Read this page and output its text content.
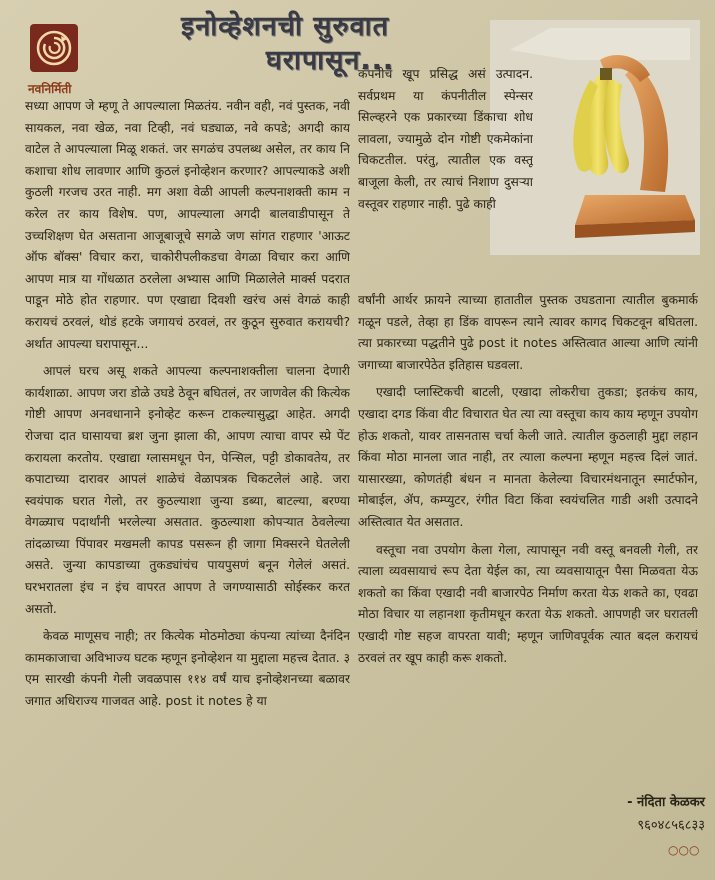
नवनिर्मिती
इनोव्हेशनची सुरुवात
घरापासून...

सध्या आपण जे म्हणू ते आपल्याला मिळतंय. नवीन वही, नवं पुस्तक, नवी सायकल, नवा खेळ, नवा टिव्ही, नवं घड्याळ, नवे कपडे; अगदी काय वाटेल ते आपल्याला मिळू शकतं. जर सगळंच उपलब्ध असेल, तर काय नि कशाचा शोध लावणार आणि कुठलं इनोव्हेशन करणार? आपल्याकडे अशी कुठली गरजच उरत नाही. मग अशा वेळी आपली कल्पनाशक्ती काम न करेल तर काय विशेष. पण, आपल्याला अगदी बालवाडीपासून ते उच्चशिक्षण घेत असताना आजूबाजूचे सगळे जण सांगत राहणार 'आऊट ऑफ बॉक्स' विचार करा, चाकोरीपलीकडचा वेगळा विचार करा आणि आपण मात्र या गोंधळात ठरलेला अभ्यास आणि मिळालेले मार्क्स पदरात पाडून मोठे होत राहणार. पण एखाद्या दिवशी खरंच असं वेगळं काही करायचं ठरवलं, थोडं हटके जगायचं ठरवलं, तर कुठून सुरुवात करायची? अर्थात आपल्या घरापासून...

आपलं घरच असू शकते आपल्या कल्पनाशक्तीला चालना देणारी कार्यशाळा. आपण जरा डोळे उघडे ठेवून बघितलं, तर जाणवेल की कित्येक गोष्टी आपण अनवधानाने इनोव्हेट करून टाकल्यासुद्धा आहेत. अगदी रोजचा दात घासायचा ब्रश जुना झाला की, आपण त्याचा वापर स्प्रे पेंट करायला करतोय. एखाद्या ग्लासमधून पेन, पेन्सिल, पट्टी डोकावतेय, तर कपाटाच्या दारावर आपलं शाळेचं वेळापत्रक चिकटलेलं आहे. जरा स्वयंपाक घरात गेलो, तर कुठल्याशा जुन्या डब्या, बाटल्या, बरण्या वेगळ्याच पदार्थांनी भरलेल्या असतात. कुठल्याशा कोपऱ्यात ठेवलेल्या तांदळाच्या पिंपावर मखमली कापड पसरून ही जागा मिक्सरने घेतलेली असते. जुन्या कापडाच्या तुकड्यांचंच पायपुसणं बनून गेलेलं असतं. घरभरातला इंच न इंच वापरत आपण ते जगण्यासाठी सोईस्कर करत असतो.

केवळ माणूसच नाही; तर कित्येक मोठमोठ्या कंपन्या त्यांच्या दैनंदिन कामकाजाचा अविभाज्य घटक म्हणून इनोव्हेशन या मुद्दाला महत्त्व देतात. ३ एम सारखी कंपनी गेली जवळपास ११४ वर्षं याच इनोव्हेशनच्या बळावर जगात अधिराज्य गाजवत आहे. post it notes हे या

कंपनीचं खूप प्रसिद्ध असं उत्पादन. सर्वप्रथम या कंपनीतील स्पेन्सर सिल्व्हरने एक प्रकारच्या डिंकाचा शोध लावला, ज्यामुळे दोन गोष्टी एकमेकांना चिकटतील. परंतु, त्यातील एक वस्तू बाजूला केली, तर त्याचं निशाण दुसऱ्या वस्तूवर राहणार नाही. पुढे काही

वर्षांनी आर्थर फ्रायने त्याच्या हातातील पुस्तक उघडताना त्यातील बुकमार्क गळून पडले, तेव्हा हा डिंक वापरून त्याने त्यावर कागद चिकटवून बघितला. त्या प्रकारच्या पद्धतीने पुढे post it notes अस्तित्वात आल्या आणि त्यांनी जगाच्या बाजारपेठेत इतिहास घडवला.

एखादी प्लास्टिकची बाटली, एखादा लोकरीचा तुकडा; इतकंच काय, एखादा दगड किंवा वीट विचारात घेत त्या त्या वस्तूचा काय काय म्हणून उपयोग होऊ शकतो, यावर तासनतास चर्चा केली जाते. त्यातील कुठलाही मुद्दा लहान किंवा मोठा मानला जात नाही, तर त्याला कल्पना म्हणून महत्त्व दिलं जातं. यासारख्या, कोणतंही बंधन न मानता केलेल्या विचारमंथनातून स्मार्टफोन, मोबाईल, ॲप, कम्प्युटर, रंगीत विटा किंवा स्वयंचलित गाडी अशी उत्पादने अस्तित्वात येत असतात.

वस्तूचा नवा उपयोग केला गेला, त्यापासून नवी वस्तू बनवली गेली, तर त्याला व्यवसायाचं रूप देता येईल का, त्या व्यवसायातून पैसा मिळवता येऊ शकतो का किंवा एखादी नवी बाजारपेठ निर्माण करता येऊ शकते का, एवढा मोठा विचार या लहानशा कृतीमधून करता येऊ शकतो. आपणही जर घरातली एखादी गोष्ट सहज वापरता यावी; म्हणून जाणिवपूर्वक त्यात बदल करायचं ठरवलं तर खूप काही करू शकतो.

- नंदिता केळकर
९६०४८५६८३३
○○○
